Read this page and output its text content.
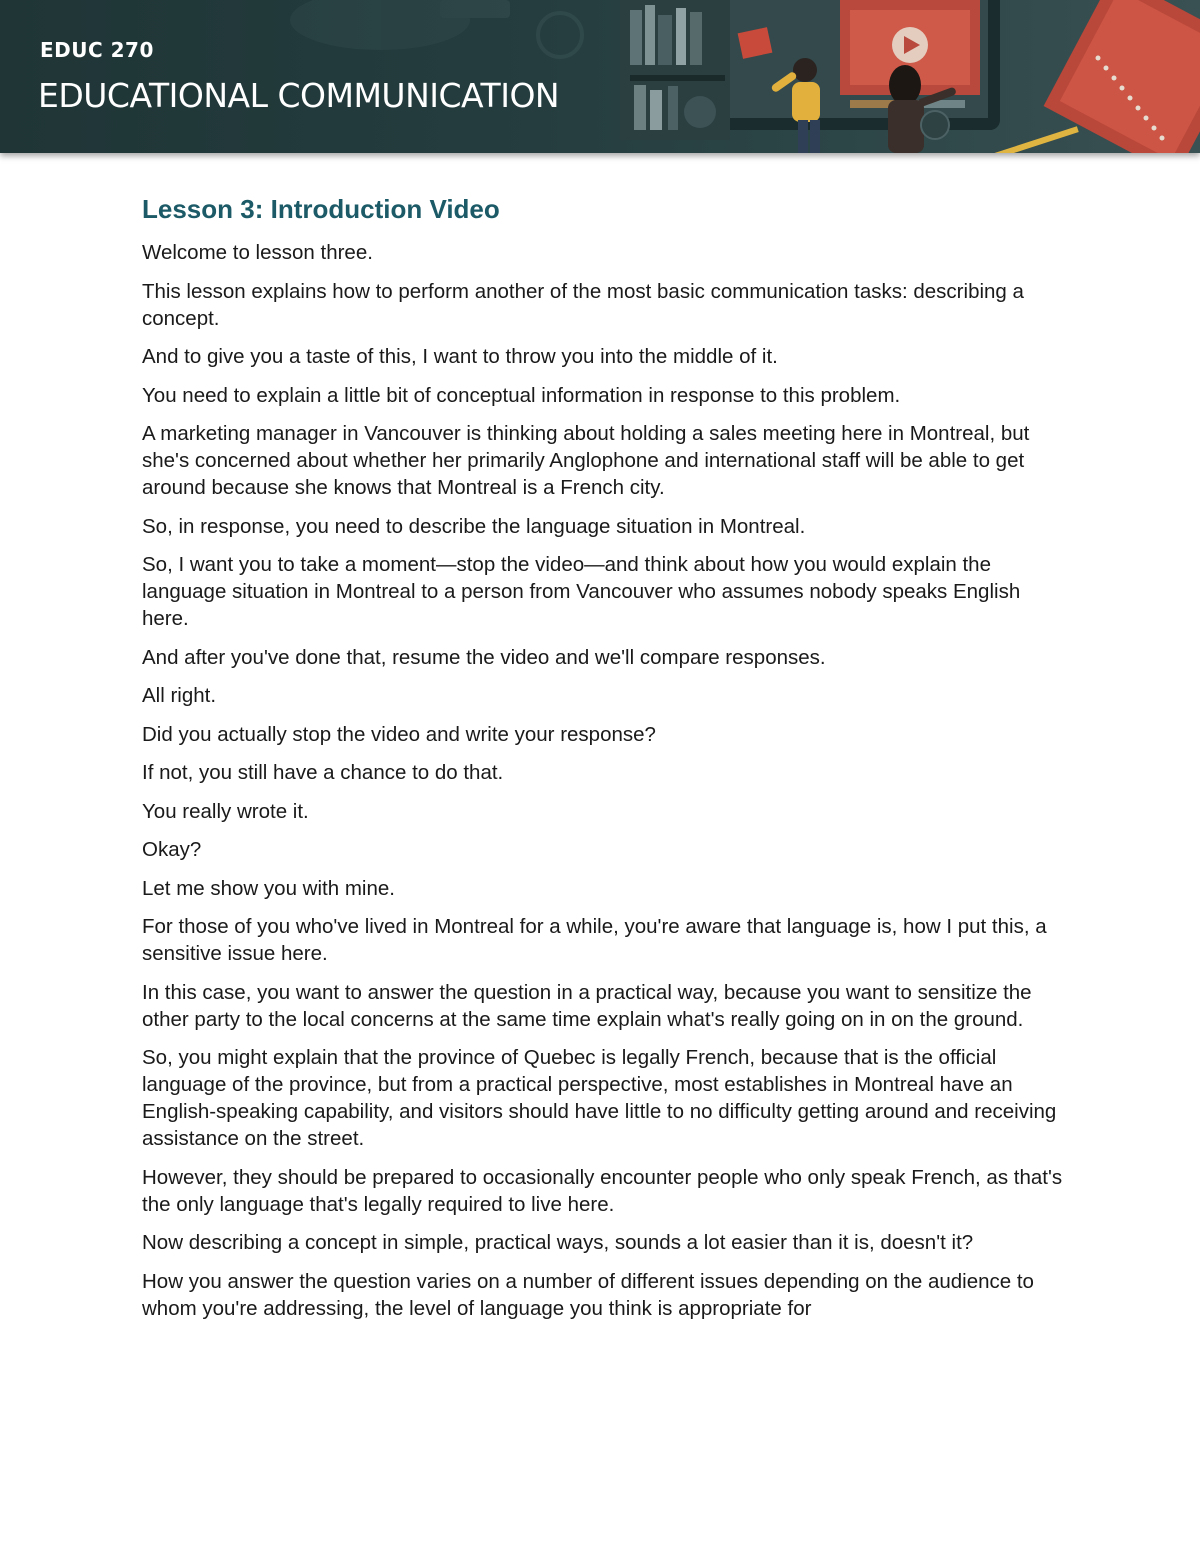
EDUC 270
EDUCATIONAL COMMUNICATION
Lesson 3: Introduction Video

Welcome to lesson three.

This lesson explains how to perform another of the most basic communication tasks: describing a concept.

And to give you a taste of this, I want to throw you into the middle of it.

You need to explain a little bit of conceptual information in response to this problem.

A marketing manager in Vancouver is thinking about holding a sales meeting here in Montreal, but she's concerned about whether her primarily Anglophone and international staff will be able to get around because she knows that Montreal is a French city.

So, in response, you need to describe the language situation in Montreal.

So, I want you to take a moment—stop the video—and think about how you would explain the language situation in Montreal to a person from Vancouver who assumes nobody speaks English here.

And after you've done that, resume the video and we'll compare responses.

All right.

Did you actually stop the video and write your response?

If not, you still have a chance to do that.

You really wrote it.

Okay?

Let me show you with mine.

For those of you who've lived in Montreal for a while, you're aware that language is, how I put this, a sensitive issue here.

In this case, you want to answer the question in a practical way, because you want to sensitize the other party to the local concerns at the same time explain what's really going on in on the ground.

So, you might explain that the province of Quebec is legally French, because that is the official language of the province, but from a practical perspective, most establishes in Montreal have an English-speaking capability, and visitors should have little to no difficulty getting around and receiving assistance on the street.

However, they should be prepared to occasionally encounter people who only speak French, as that's the only language that's legally required to live here.

Now describing a concept in simple, practical ways, sounds a lot easier than it is, doesn't it?

How you answer the question varies on a number of different issues depending on the audience to whom you're addressing, the level of language you think is appropriate for
